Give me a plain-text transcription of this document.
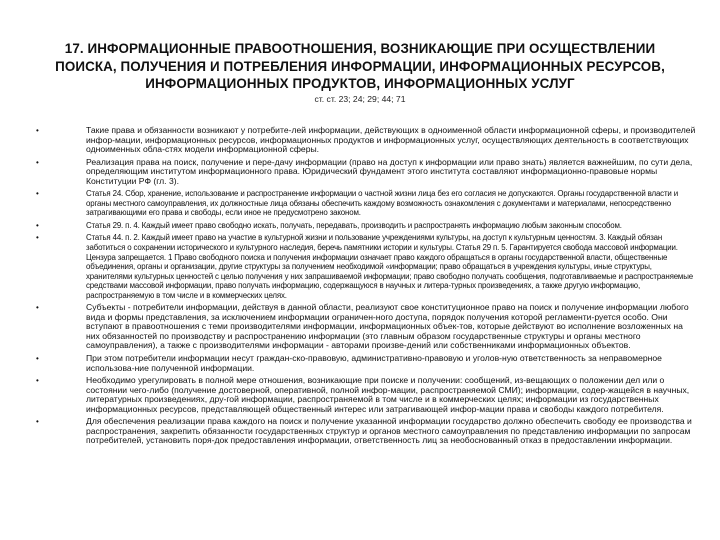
17. ИНФОРМАЦИОННЫЕ ПРАВООТНОШЕНИЯ, ВОЗНИКАЮЩИЕ ПРИ ОСУЩЕСТВЛЕНИИ ПОИСКА, ПОЛУЧЕНИЯ И ПОТРЕБЛЕНИЯ ИНФОРМАЦИИ, ИНФОРМАЦИОННЫХ РЕСУРСОВ, ИНФОРМАЦИОННЫХ ПРОДУКТОВ, ИНФОРМАЦИОННЫХ УСЛУГ
ст. ст. 23; 24; 29; 44; 71
•	Такие права и обязанности возникают у потребите-лей информации, действующих в одноименной области информационной сферы, и производителей инфор-мации, информационных ресурсов, информационных продуктов и информационных услуг, осуществляющих деятельность в соответствующих одноименных обла-стях модели информационной сферы.
•	Реализация права на поиск, получение и пере-дачу информации (право на доступ к информации или право знать) является важнейшим, по сути дела, определяющим институтом информационного права. Юридический фундамент этого института составляют информационно-правовые нормы Конституции РФ (гл. 3).
•	Статья 24. Сбор, хранение, использование и распространение информации о частной жизни лица без его согласия не допускаются. Органы государственной власти и органы местного самоуправления, их должностные лица обязаны обеспечить каждому возможность ознакомления с документами и материалами, непосредственно затрагивающими его права и свободы, если иное не предусмотрено законом.
•	Статья 29. п. 4. Каждый имеет право свободно искать, получать, передавать, производить и распространять информацию любым законным способом.
•	Статья 44. п. 2. Каждый имеет право на участие в культурной жизни и пользование учреждениями культуры, на доступ к культурным ценностям. 3. Каждый обязан заботиться о сохранении исторического и культурного наследия, беречь памятники истории и культуры. Статья 29 п. 5. Гарантируется свобода массовой информации. Цензура запрещается. 1 Право свободного поиска и получения информации означает право каждого обращаться в органы государственной власти, общественные объединения, органы и организации, другие структуры за получением необходимой «информации; право обращаться в учреждения культуры, иные структуры, хранителями культурных ценностей с целью получения у них запрашиваемой информации; право свободно получать сообщения, подготавливаемые и распространяемые средствами массовой информации, право получать информацию, содержащуюся в научных и литера-турных произведениях, а также другую информацию, распространяемую в том числе и в коммерческих целях.
•	Субъекты - потребители информации, действуя в данной области, реализуют свое конституционное право на поиск и получение информации любого вида и формы представления, за исключением информации ограничен-ного доступа, порядок получения которой регламенти-руется особо. Они вступают в правоотношения с теми производителями информации, информационных объек-тов, которые действуют во исполнение возложенных на них обязанностей по производству и распространению информации (это главным образом государственные структуры и органы местного самоуправления), а также с производителями информации - авторами произве-дений или собственниками информационных объектов.
•	При этом потребители информации несут граждан-ско-правовую, административно-правовую и уголов-ную ответственность за неправомерное использова-ние полученной информации.
•	Необходимо урегулировать в полной мере отношения, возникающие при поиске и получении: сообщений, из-вещающих о положении дел или о состоянии чего-либо (получение достоверной, оперативной, полной инфор-мации, распространяемой СМИ); информации, содер-жащейся в научных, литературных произведениях, дру-гой информации, распространяемой в том числе и в коммерческих целях; информации из государственных информационных ресурсов, представляющей общественный интерес или затрагивающей инфор-мации права и свободы каждого потребителя.
•	Для обеспечения реализации права каждого на поиск и получение указанной информации государство должно обеспечить свободу ее производства и распространения, закрепить обязанности государственных структур и органов местного самоуправления по представлению информации по запросам потребителей, установить поря-док предоставления информации, ответственность лиц за необоснованный отказ в предоставлении информации.
